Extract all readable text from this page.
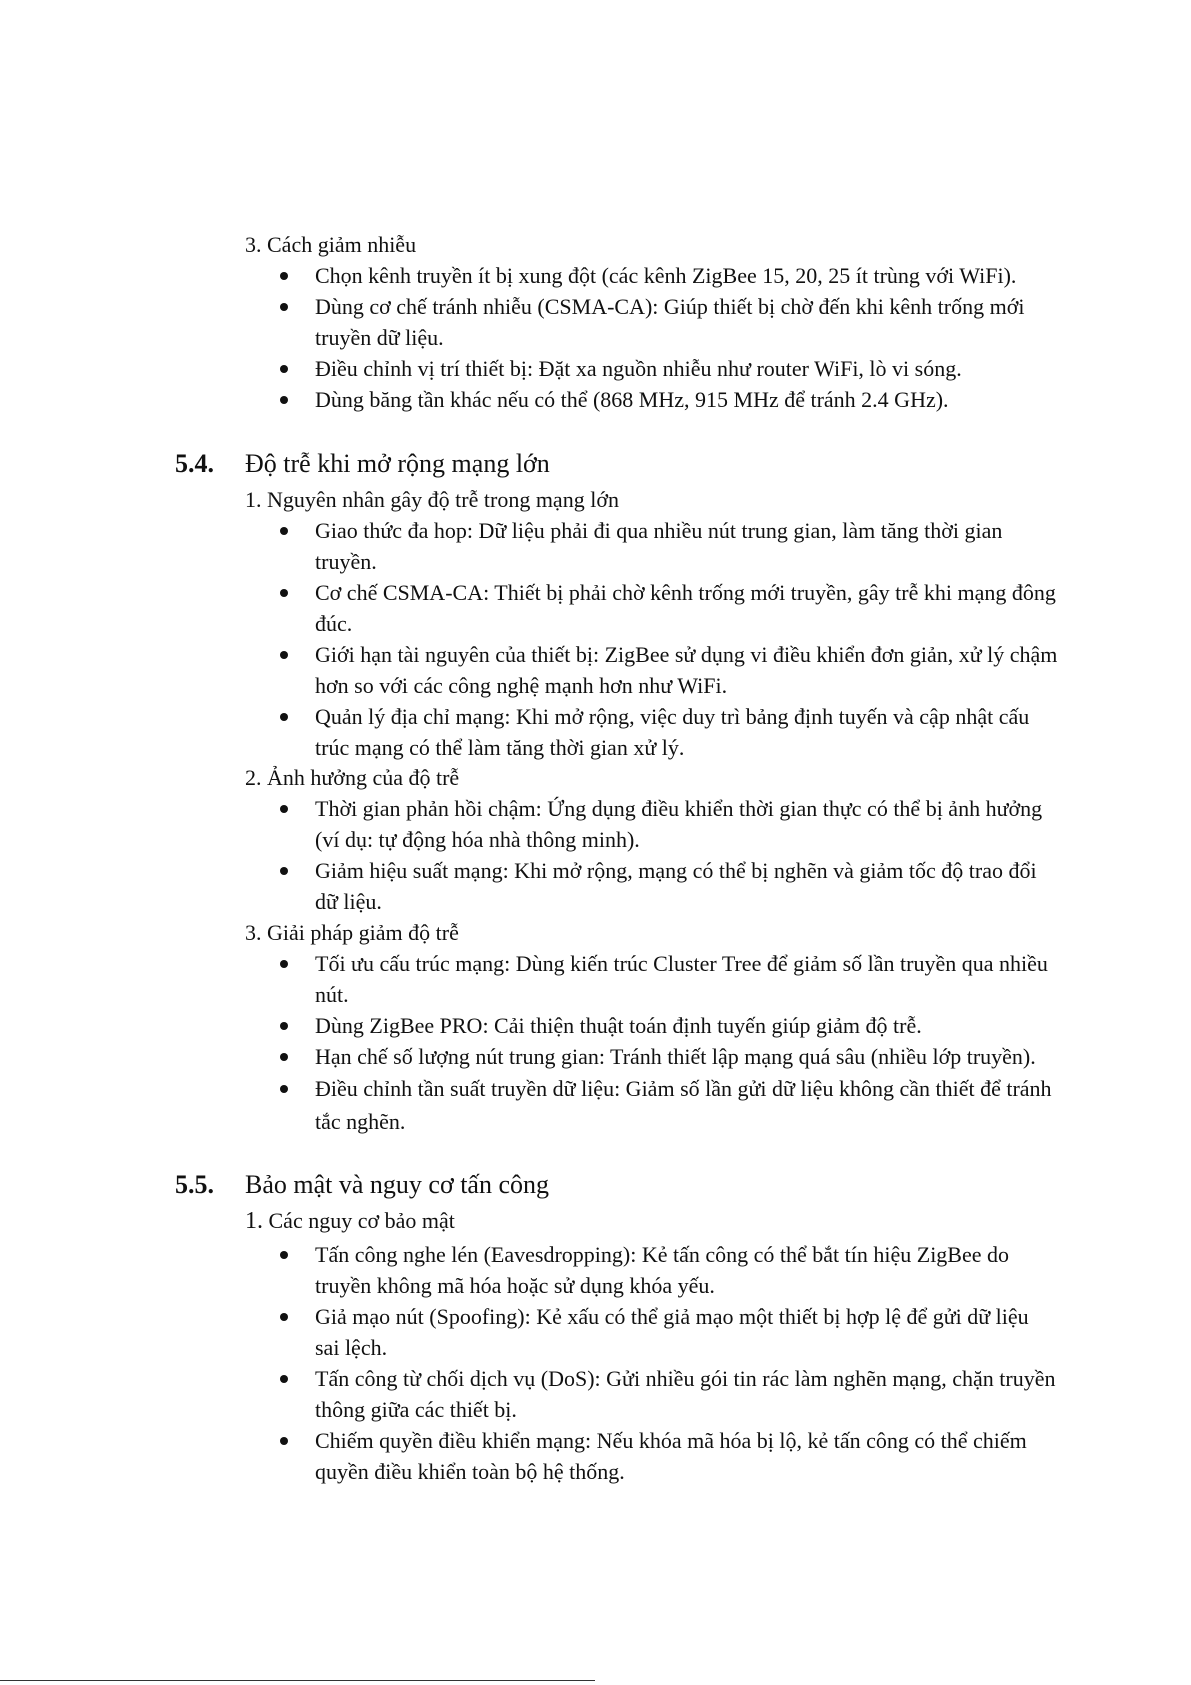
3. Cách giảm nhiễu
Chọn kênh truyền ít bị xung đột (các kênh ZigBee 15, 20, 25 ít trùng với WiFi).
Dùng cơ chế tránh nhiễu (CSMA-CA): Giúp thiết bị chờ đến khi kênh trống mới truyền dữ liệu.
Điều chỉnh vị trí thiết bị: Đặt xa nguồn nhiễu như router WiFi, lò vi sóng.
Dùng băng tần khác nếu có thể (868 MHz, 915 MHz để tránh 2.4 GHz).
5.4. Độ trễ khi mở rộng mạng lớn
1. Nguyên nhân gây độ trễ trong mạng lớn
Giao thức đa hop: Dữ liệu phải đi qua nhiều nút trung gian, làm tăng thời gian truyền.
Cơ chế CSMA-CA: Thiết bị phải chờ kênh trống mới truyền, gây trễ khi mạng đông đúc.
Giới hạn tài nguyên của thiết bị: ZigBee sử dụng vi điều khiển đơn giản, xử lý chậm hơn so với các công nghệ mạnh hơn như WiFi.
Quản lý địa chỉ mạng: Khi mở rộng, việc duy trì bảng định tuyến và cập nhật cấu trúc mạng có thể làm tăng thời gian xử lý.
2. Ảnh hưởng của độ trễ
Thời gian phản hồi chậm: Ứng dụng điều khiển thời gian thực có thể bị ảnh hưởng (ví dụ: tự động hóa nhà thông minh).
Giảm hiệu suất mạng: Khi mở rộng, mạng có thể bị nghẽn và giảm tốc độ trao đổi dữ liệu.
3. Giải pháp giảm độ trễ
Tối ưu cấu trúc mạng: Dùng kiến trúc Cluster Tree để giảm số lần truyền qua nhiều nút.
Dùng ZigBee PRO: Cải thiện thuật toán định tuyến giúp giảm độ trễ.
Hạn chế số lượng nút trung gian: Tránh thiết lập mạng quá sâu (nhiều lớp truyền).
Điều chỉnh tần suất truyền dữ liệu: Giảm số lần gửi dữ liệu không cần thiết để tránh tắc nghẽn.
5.5. Bảo mật và nguy cơ tấn công
1. Các nguy cơ bảo mật
Tấn công nghe lén (Eavesdropping): Kẻ tấn công có thể bắt tín hiệu ZigBee do truyền không mã hóa hoặc sử dụng khóa yếu.
Giả mạo nút (Spoofing): Kẻ xấu có thể giả mạo một thiết bị hợp lệ để gửi dữ liệu sai lệch.
Tấn công từ chối dịch vụ (DoS): Gửi nhiều gói tin rác làm nghẽn mạng, chặn truyền thông giữa các thiết bị.
Chiếm quyền điều khiển mạng: Nếu khóa mã hóa bị lộ, kẻ tấn công có thể chiếm quyền điều khiển toàn bộ hệ thống.
